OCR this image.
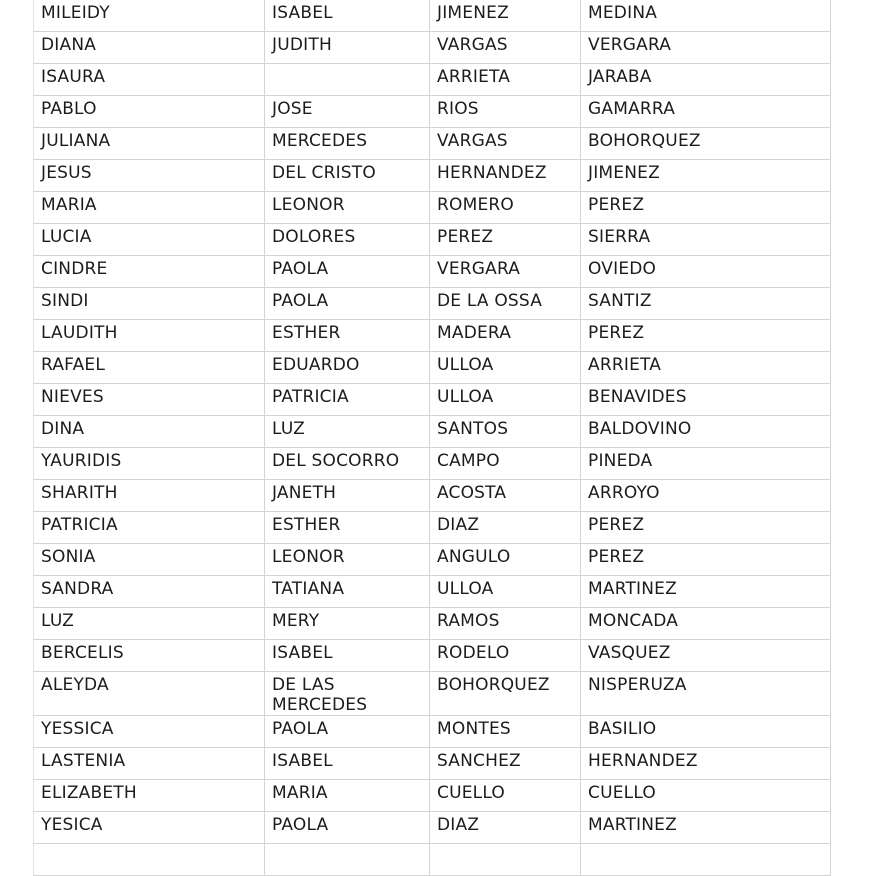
MILEIDY	ISABEL	JIMENEZ	MEDINA
DIANA	JUDITH	VARGAS	VERGARA
ISAURA		ARRIETA	JARABA
PABLO	JOSE	RIOS	GAMARRA
JULIANA	MERCEDES	VARGAS	BOHORQUEZ
JESUS	DEL CRISTO	HERNANDEZ	JIMENEZ
MARIA	LEONOR	ROMERO	PEREZ
LUCIA	DOLORES	PEREZ	SIERRA
CINDRE	PAOLA	VERGARA	OVIEDO
SINDI	PAOLA	DE LA OSSA	SANTIZ
LAUDITH	ESTHER	MADERA	PEREZ
RAFAEL	EDUARDO	ULLOA	ARRIETA
NIEVES	PATRICIA	ULLOA	BENAVIDES
DINA	LUZ	SANTOS	BALDOVINO
YAURIDIS	DEL SOCORRO	CAMPO	PINEDA
SHARITH	JANETH	ACOSTA	ARROYO
PATRICIA	ESTHER	DIAZ	PEREZ
SONIA	LEONOR	ANGULO	PEREZ
SANDRA	TATIANA	ULLOA	MARTINEZ
LUZ	MERY	RAMOS	MONCADA
BERCELIS	ISABEL	RODELO	VASQUEZ
ALEYDA	DE LAS MERCEDES	BOHORQUEZ	NISPERUZA
YESSICA	PAOLA	MONTES	BASILIO
LASTENIA	ISABEL	SANCHEZ	HERNANDEZ
ELIZABETH	MARIA	CUELLO	CUELLO
YESICA	PAOLA	DIAZ	MARTINEZ
